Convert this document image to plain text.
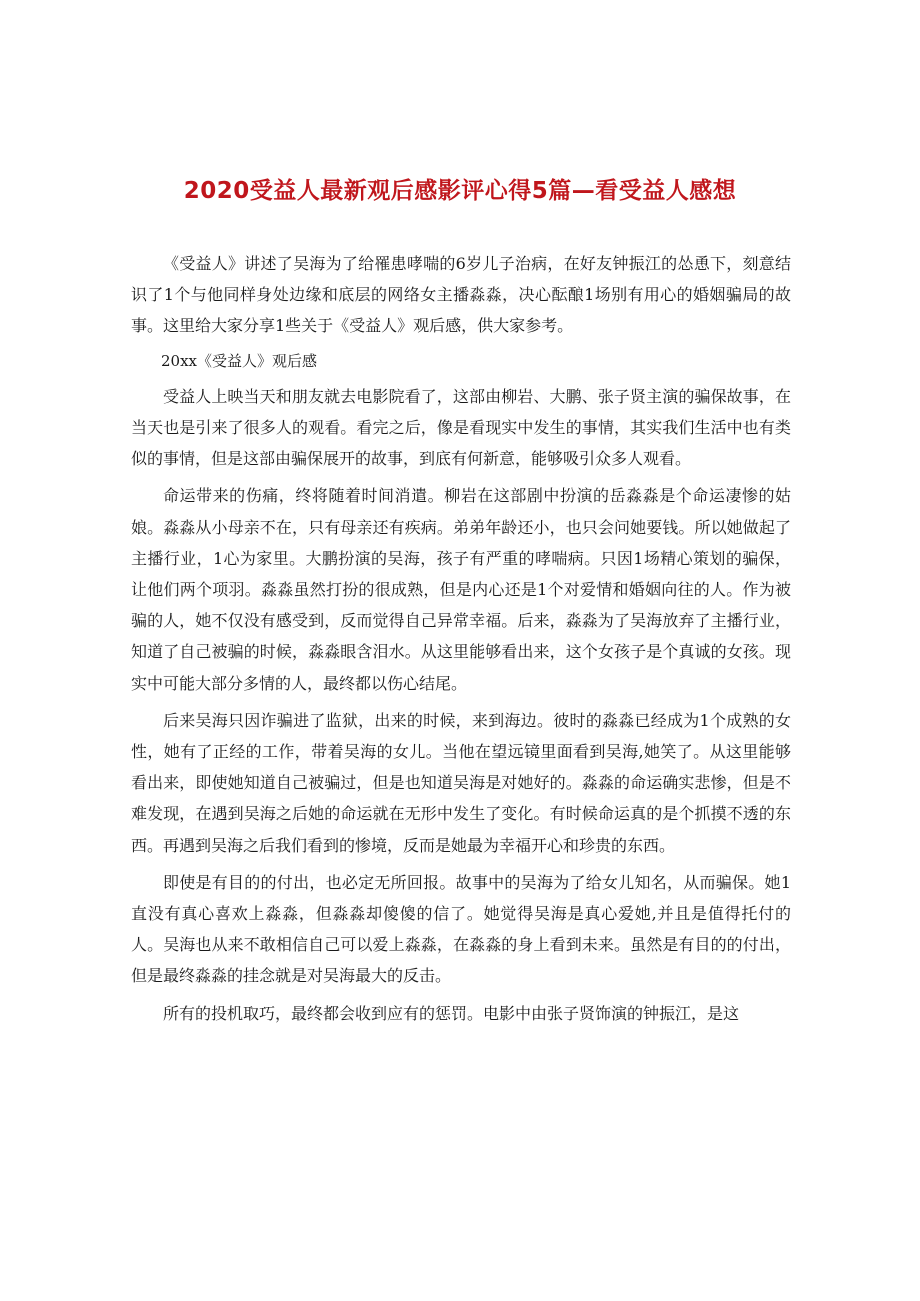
2020受益人最新观后感影评心得5篇—看受益人感想

《受益人》讲述了吴海为了给罹患哮喘的6岁儿子治病，在好友钟振江的怂恿下，刻意结识了1个与他同样身处边缘和底层的网络女主播淼淼，决心酝酿1场别有用心的婚姻骗局的故事。这里给大家分享1些关于《受益人》观后感，供大家参考。

20xx《受益人》观后感

受益人上映当天和朋友就去电影院看了，这部由柳岩、大鹏、张子贤主演的骗保故事，在当天也是引来了很多人的观看。看完之后，像是看现实中发生的事情，其实我们生活中也有类似的事情，但是这部由骗保展开的故事，到底有何新意，能够吸引众多人观看。

命运带来的伤痛，终将随着时间消遣。柳岩在这部剧中扮演的岳淼淼是个命运凄惨的姑娘。淼淼从小母亲不在，只有母亲还有疾病。弟弟年龄还小，也只会问她要钱。所以她做起了主播行业，1心为家里。大鹏扮演的吴海，孩子有严重的哮喘病。只因1场精心策划的骗保，让他们两个项羽。淼淼虽然打扮的很成熟，但是内心还是1个对爱情和婚姻向往的人。作为被骗的人，她不仅没有感受到，反而觉得自己异常幸福。后来，淼淼为了吴海放弃了主播行业，知道了自己被骗的时候，淼淼眼含泪水。从这里能够看出来，这个女孩子是个真诚的女孩。现实中可能大部分多情的人，最终都以伤心结尾。

后来吴海只因诈骗进了监狱，出来的时候，来到海边。彼时的淼淼已经成为1个成熟的女性，她有了正经的工作，带着吴海的女儿。当他在望远镜里面看到吴海,她笑了。从这里能够看出来，即使她知道自己被骗过，但是也知道吴海是对她好的。淼淼的命运确实悲惨，但是不难发现，在遇到吴海之后她的命运就在无形中发生了变化。有时候命运真的是个抓摸不透的东西。再遇到吴海之后我们看到的惨境，反而是她最为幸福开心和珍贵的东西。

即使是有目的的付出，也必定无所回报。故事中的吴海为了给女儿知名，从而骗保。她1直没有真心喜欢上淼淼，但淼淼却傻傻的信了。她觉得吴海是真心爱她,并且是值得托付的人。吴海也从来不敢相信自己可以爱上淼淼，在淼淼的身上看到未来。虽然是有目的的付出，但是最终淼淼的挂念就是对吴海最大的反击。

所有的投机取巧，最终都会收到应有的惩罚。电影中由张子贤饰演的钟振江，是这
